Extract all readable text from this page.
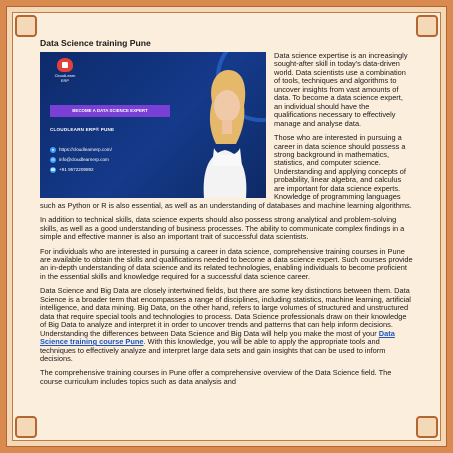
Data Science training Pune
CloudLearn ERP
BECOME A DATA SCIENCE EXPERT
CLOUDLEARN ERP® PUNE
●	https://cloudlearnerp.com/
✉ info@cloudlearnerp.com
☎ +91 9572209892

Data science expertise is an increasingly sought-after skill in today's data-driven world. Data scientists use a combination of tools, techniques and algorithms to uncover insights from vast amounts of data. To become a data science expert, an individual should have the qualifications necessary to effectively manage and analyse data.

Those who are interested in pursuing a career in data science should possess a strong background in mathematics, statistics, and computer science. Understanding and applying concepts of probability, linear algebra, and calculus are important for data science experts. Knowledge of programming languages such as Python or R is also essential, as well as an understanding of databases and machine learning algorithms.

In addition to technical skills, data science experts should also possess strong analytical and problem-solving skills, as well as a good understanding of business processes. The ability to communicate complex findings in a simple and effective manner is also an important trait of successful data scientists.

For individuals who are interested in pursuing a career in data science, comprehensive training courses in Pune are available to obtain the skills and qualifications needed to become a data science expert. Such courses provide an in-depth understanding of data science and its related technologies, enabling individuals to become proficient in the essential skills and knowledge required for a successful data science career.

Data Science and Big Data are closely intertwined fields, but there are some key distinctions between them. Data Science is a broader term that encompasses a range of disciplines, including statistics, machine learning, artificial intelligence, and data mining. Big Data, on the other hand, refers to large volumes of structured and unstructured data that require special tools and technologies to process. Data Science professionals draw on their knowledge of Big Data to analyze and interpret it in order to uncover trends and patterns that can help inform decisions. Understanding the differences between Data Science and Big Data will help you make the most of your Data Science training course Pune. With this knowledge, you will be able to apply the appropriate tools and techniques to effectively analyze and interpret large data sets and gain insights that can be used to inform decisions.

The comprehensive training courses in Pune offer a comprehensive overview of the Data Science field. The course curriculum includes topics such as data analysis and
